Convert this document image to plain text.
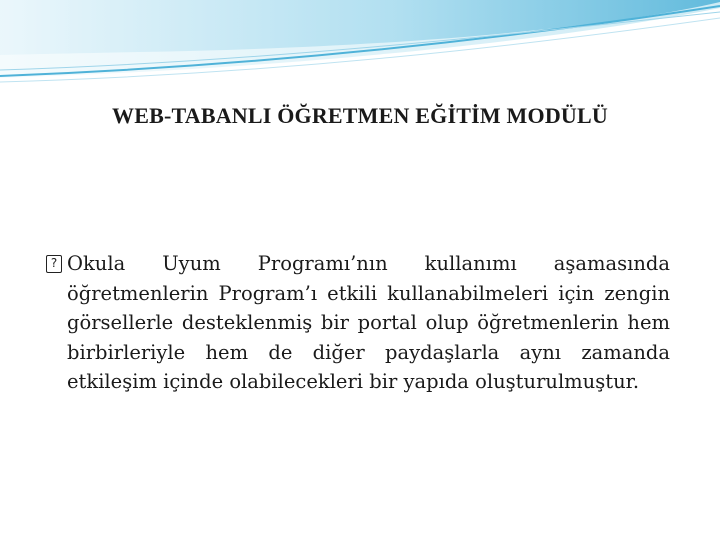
WEB-TABANLI ÖĞRETMEN EĞİTİM MODÜLÜ
? Okula Uyum Programı’nın kullanımı aşamasında öğretmenlerin Program’ı etkili kullanabilmeleri için zengin görsellerle desteklenmiş bir portal olup öğretmenlerin hem birbirleriyle hem de diğer paydaşlarla aynı zamanda etkileşim içinde olabilecekleri bir yapıda oluşturulmuştur.
